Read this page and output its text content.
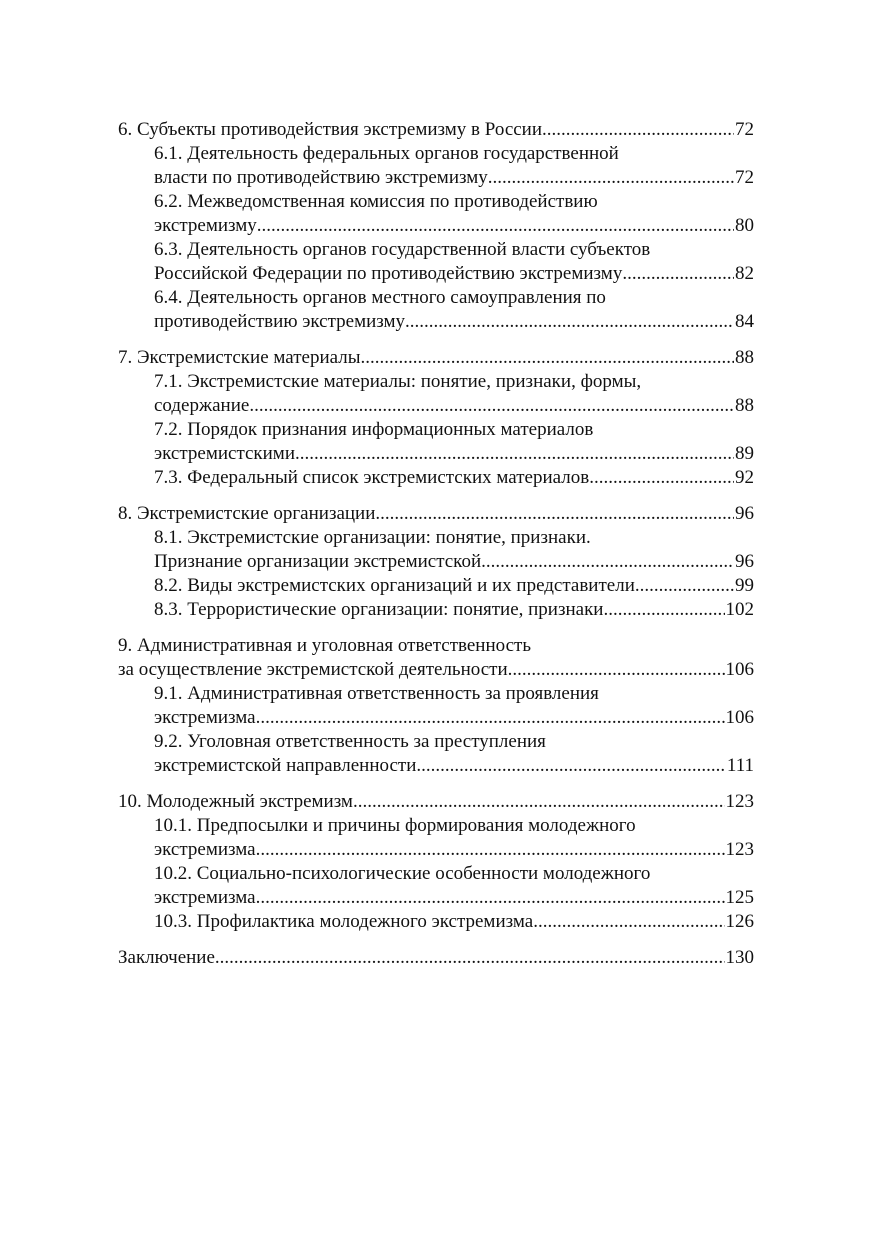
6. Субъекты противодействия экстремизму в России .....	72
6.1. Деятельность федеральных органов государственной
власти по противодействию экстремизму .....	72
6.2. Межведомственная комиссия по противодействию
экстремизму .....	80
6.3. Деятельность органов государственной власти субъектов
Российской Федерации по противодействию экстремизму .....	82
6.4. Деятельность органов местного самоуправления по
противодействию экстремизму .....	84
7. Экстремистские материалы .....	88
7.1. Экстремистские материалы: понятие, признаки, формы,
содержание .....	88
7.2. Порядок признания информационных материалов
экстремистскими .....	89
7.3. Федеральный список экстремистских материалов .....	92
8. Экстремистские организации .....	96
8.1. Экстремистские организации: понятие, признаки.
Признание организации экстремистской .....	96
8.2. Виды экстремистских организаций и их представители .....	99
8.3. Террористические организации: понятие, признаки .....	102
9. Административная и уголовная ответственность
за осуществление экстремистской деятельности .....	106
9.1. Административная ответственность за проявления
экстремизма .....	106
9.2. Уголовная ответственность за преступления
экстремистской направленности .....	111
10. Молодежный экстремизм .....	123
10.1. Предпосылки и причины формирования молодежного
экстремизма .....	123
10.2. Социально-психологические особенности молодежного
экстремизма .....	125
10.3. Профилактика молодежного экстремизма .....	126
Заключение .....	130
